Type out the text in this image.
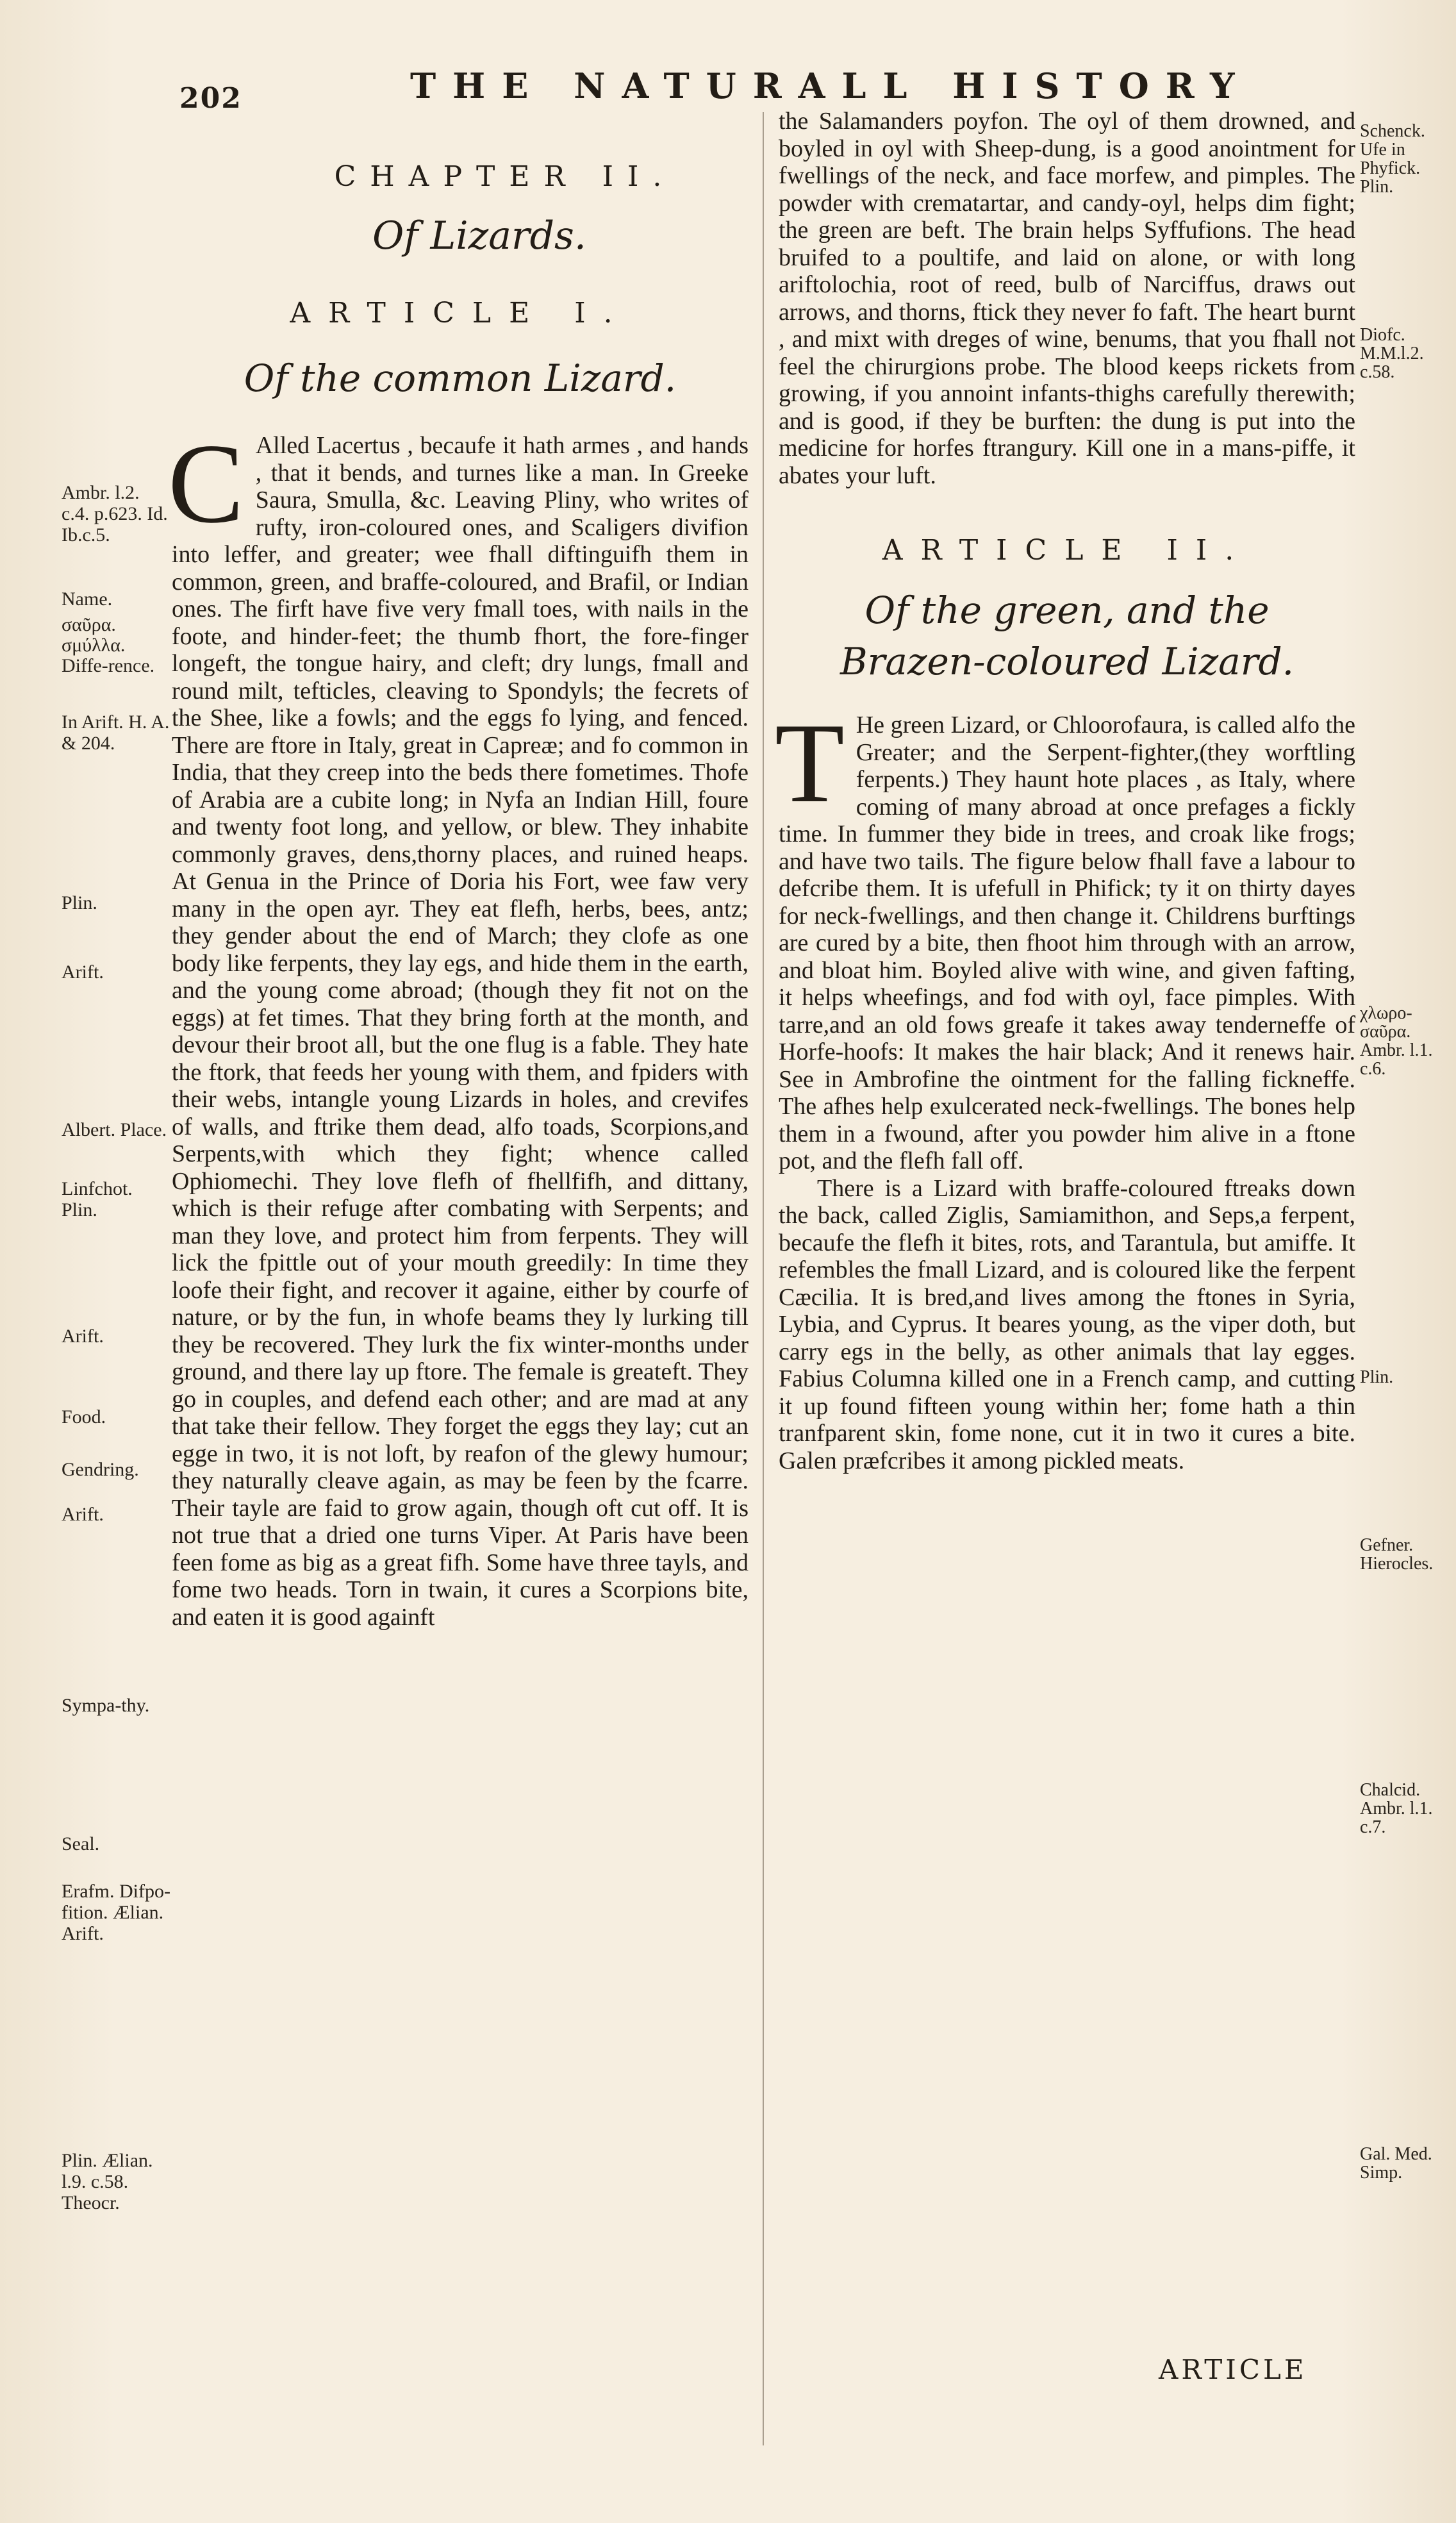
202	THE NATURALL HISTORY
Ambr. l.2. c.4. p.623. Id. Ib.c.5.
Name.
σαῦρα.
σμύλλα.
Diffe-rence.
In Arift. H. A. & 204.
Plin.
Arift.
Albert. Place.
Linfchot. Plin.
Arift.
Food.
Gendring.
Arift.
Sympa-thy.
Seal.
Erafm. Difpo-fition. Ælian. Arift.
Plin. Ælian. l.9. c.58. Theocr.
Schenck. Ufe in Phyfick. Plin.
Diofc. M.M.l.2. c.58.
χλωρο-σαῦρα. Ambr. l.1. c.6.
Plin.
Gefner. Hierocles.
Chalcid. Ambr. l.1. c.7.
Gal. Med. Simp.
CHAPTER II.
Of Lizards.
ARTICLE I.
Of the common Lizard.
C Alled Lacertus , becaufe it hath armes , and hands , that it bends, and turnes like a man. In Greeke Saura, Smulla, &c. Leaving Pliny, who writes of rufty, iron-coloured ones, and Scaligers divifion into leffer, and greater; wee fhall diftinguifh them in common, green, and braffe-coloured, and Brafil, or Indian ones. The firft have five very fmall toes, with nails in the foote, and hinder-feet; the thumb fhort, the fore-finger longeft, the tongue hairy, and cleft; dry lungs, fmall and round milt, tefticles, cleaving to Spondyls; the fecrets of the Shee, like a fowls; and the eggs fo lying, and fenced. There are ftore in Italy, great in Capreæ; and fo common in India, that they creep into the beds there fometimes. Thofe of Arabia are a cubite long; in Nyfa an Indian Hill, foure and twenty foot long, and yellow, or blew. They inhabite commonly graves, dens,thorny places, and ruined heaps. At Genua in the Prince of Doria his Fort, weе faw very many in the open ayr. They eat flefh, herbs, bees, antz; they gender about the end of March; they clofe as one body like ferpents, they lay egs, and hide them in the earth, and the young come abroad; (though they fit not on the eggs) at fet times. That they bring forth at the month, and devour their broot all, but the one flug is a fable. They hate the ftork, that feeds her young with them, and fpiders with their webs, intangle young Lizards in holes, and crevifes of walls, and ftrike them dead, alfo toads, Scorpions,and Serpents,with which they fight; whence called Ophiomechi. They love flefh of fhellfifh, and dittany, which is their refuge after combating with Serpents; and man they love, and protect him from ferpents. They will lick the fpittle out of your mouth greedily: In time they loofe their fight, and recover it againe, either by courfe of nature, or by the fun, in whofe beams they ly lurking till they be recovered. They lurk the fix winter-months under ground, and there lay up ftore. The female is greateft. They go in couples, and defend each other; and are mad at any that take their fellow. They forget the eggs they lay; cut an egge in two, it is not loft, by reafon of the glewy humour; they naturally cleave again, as may be feen by the fcarre. Their tayle are faid to grow again, though oft cut off. It is not true that a dried one turns Viper. At Paris have been feen fome as big as a great fifh. Some have three tayls, and fome two heads. Torn in twain, it cures a Scorpions bite, and eaten it is good againft
the Salamanders poyfon. The oyl of them drowned, and boyled in oyl with Sheep-dung, is a good anointment for fwellings of the neck, and face morfew, and pimples. The powder with crematartar, and candy-oyl, helps dim fight; the green are beft. The brain helps Syffufions. The head bruifed to a poultife, and laid on alone, or with long ariftolochia, root of reed, bulb of Narciffus, draws out arrows, and thorns, ftick they never fo faft. The heart burnt , and mixt with dreges of wine, benums, that you fhall not feel the chirurgions probe. The blood keeps rickets from growing, if you annoint infants-thighs carefully therewith; and is good, if they be burften: the dung is put into the medicine for horfes ftrangury. Kill one in a mans-piffe, it abates your luft.
ARTICLE II.
Of the green, and the Brazen-coloured Lizard.
T He green Lizard, or Chloorofaura, is called alfo the Greater; and the Serpent-fighter,(they worftling ferpents.) They haunt hote places , as Italy, where coming of many abroad at once prefages a fickly time. In fummer they bide in trees, and croak like frogs; and have two tails. The figure below fhall fave a labour to defcribe them. It is ufefull in Phifick; ty it on thirty dayes for neck-fwellings, and then change it. Childrens burftings are cured by a bite, then fhoot him through with an arrow, and bloat him. Boyled alive with wine, and given fafting, it helps wheefings, and fod with oyl, face pimples. With tarre,and an old fows greafe it takes away tenderneffe of Horfe-hoofs: It makes the hair black; And it renews hair. See in Ambrofine the ointment for the falling fickneffe. The afhes help exulcerated neck-fwellings. The bones help them in a fwound, after you powder him alive in a ftone pot, and the flefh fall off.
There is a Lizard with braffe-coloured ftreaks down the back, called Ziglis, Samiamithon, and Seps,a ferpent, becaufe the flefh it bites, rots, and Tarantula, but amiffe. It refembles the fmall Lizard, and is coloured like the ferpent Cæcilia. It is bred,and lives among the ftones in Syria, Lybia, and Cyprus. It beares young, as the viper doth, but carry egs in the belly, as other animals that lay egges. Fabius Columna killed one in a French camp, and cutting it up found fifteen young within her; fome hath a thin tranfparent skin, fome none, cut it in two it cures a bite. Galen præfcribes it among pickled meats.
ARTICLE
